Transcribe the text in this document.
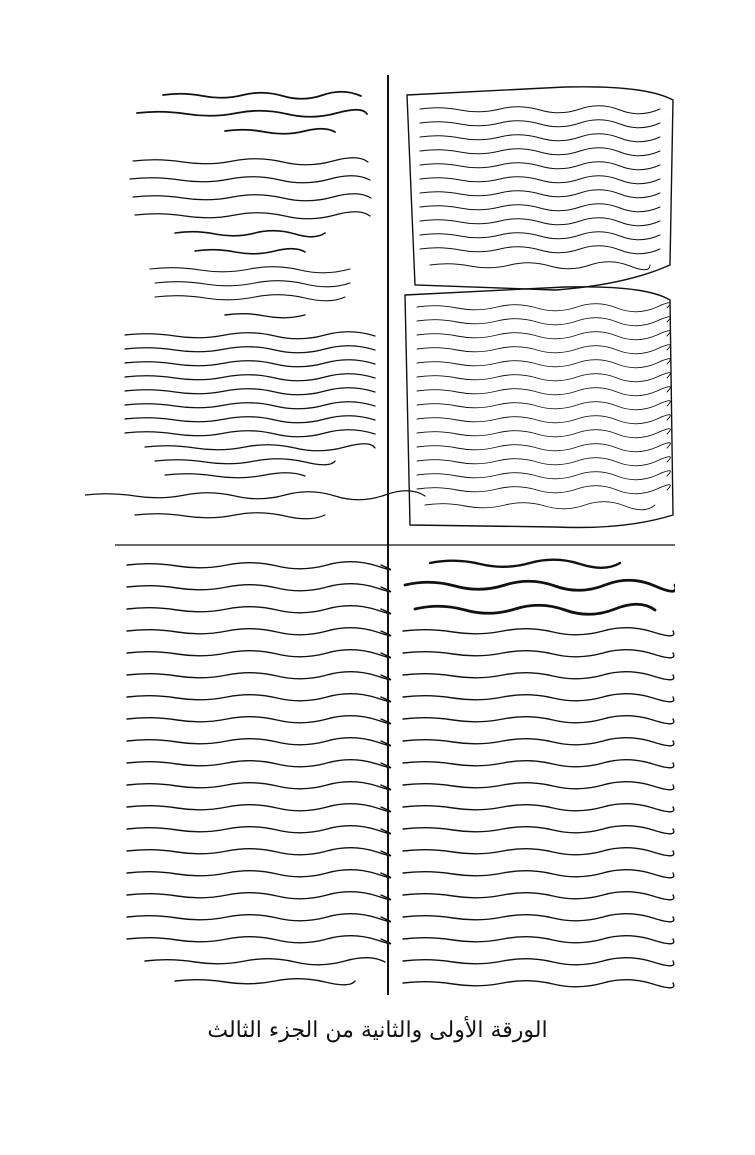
الورقة الأولى والثانية من الجزء الثالث
